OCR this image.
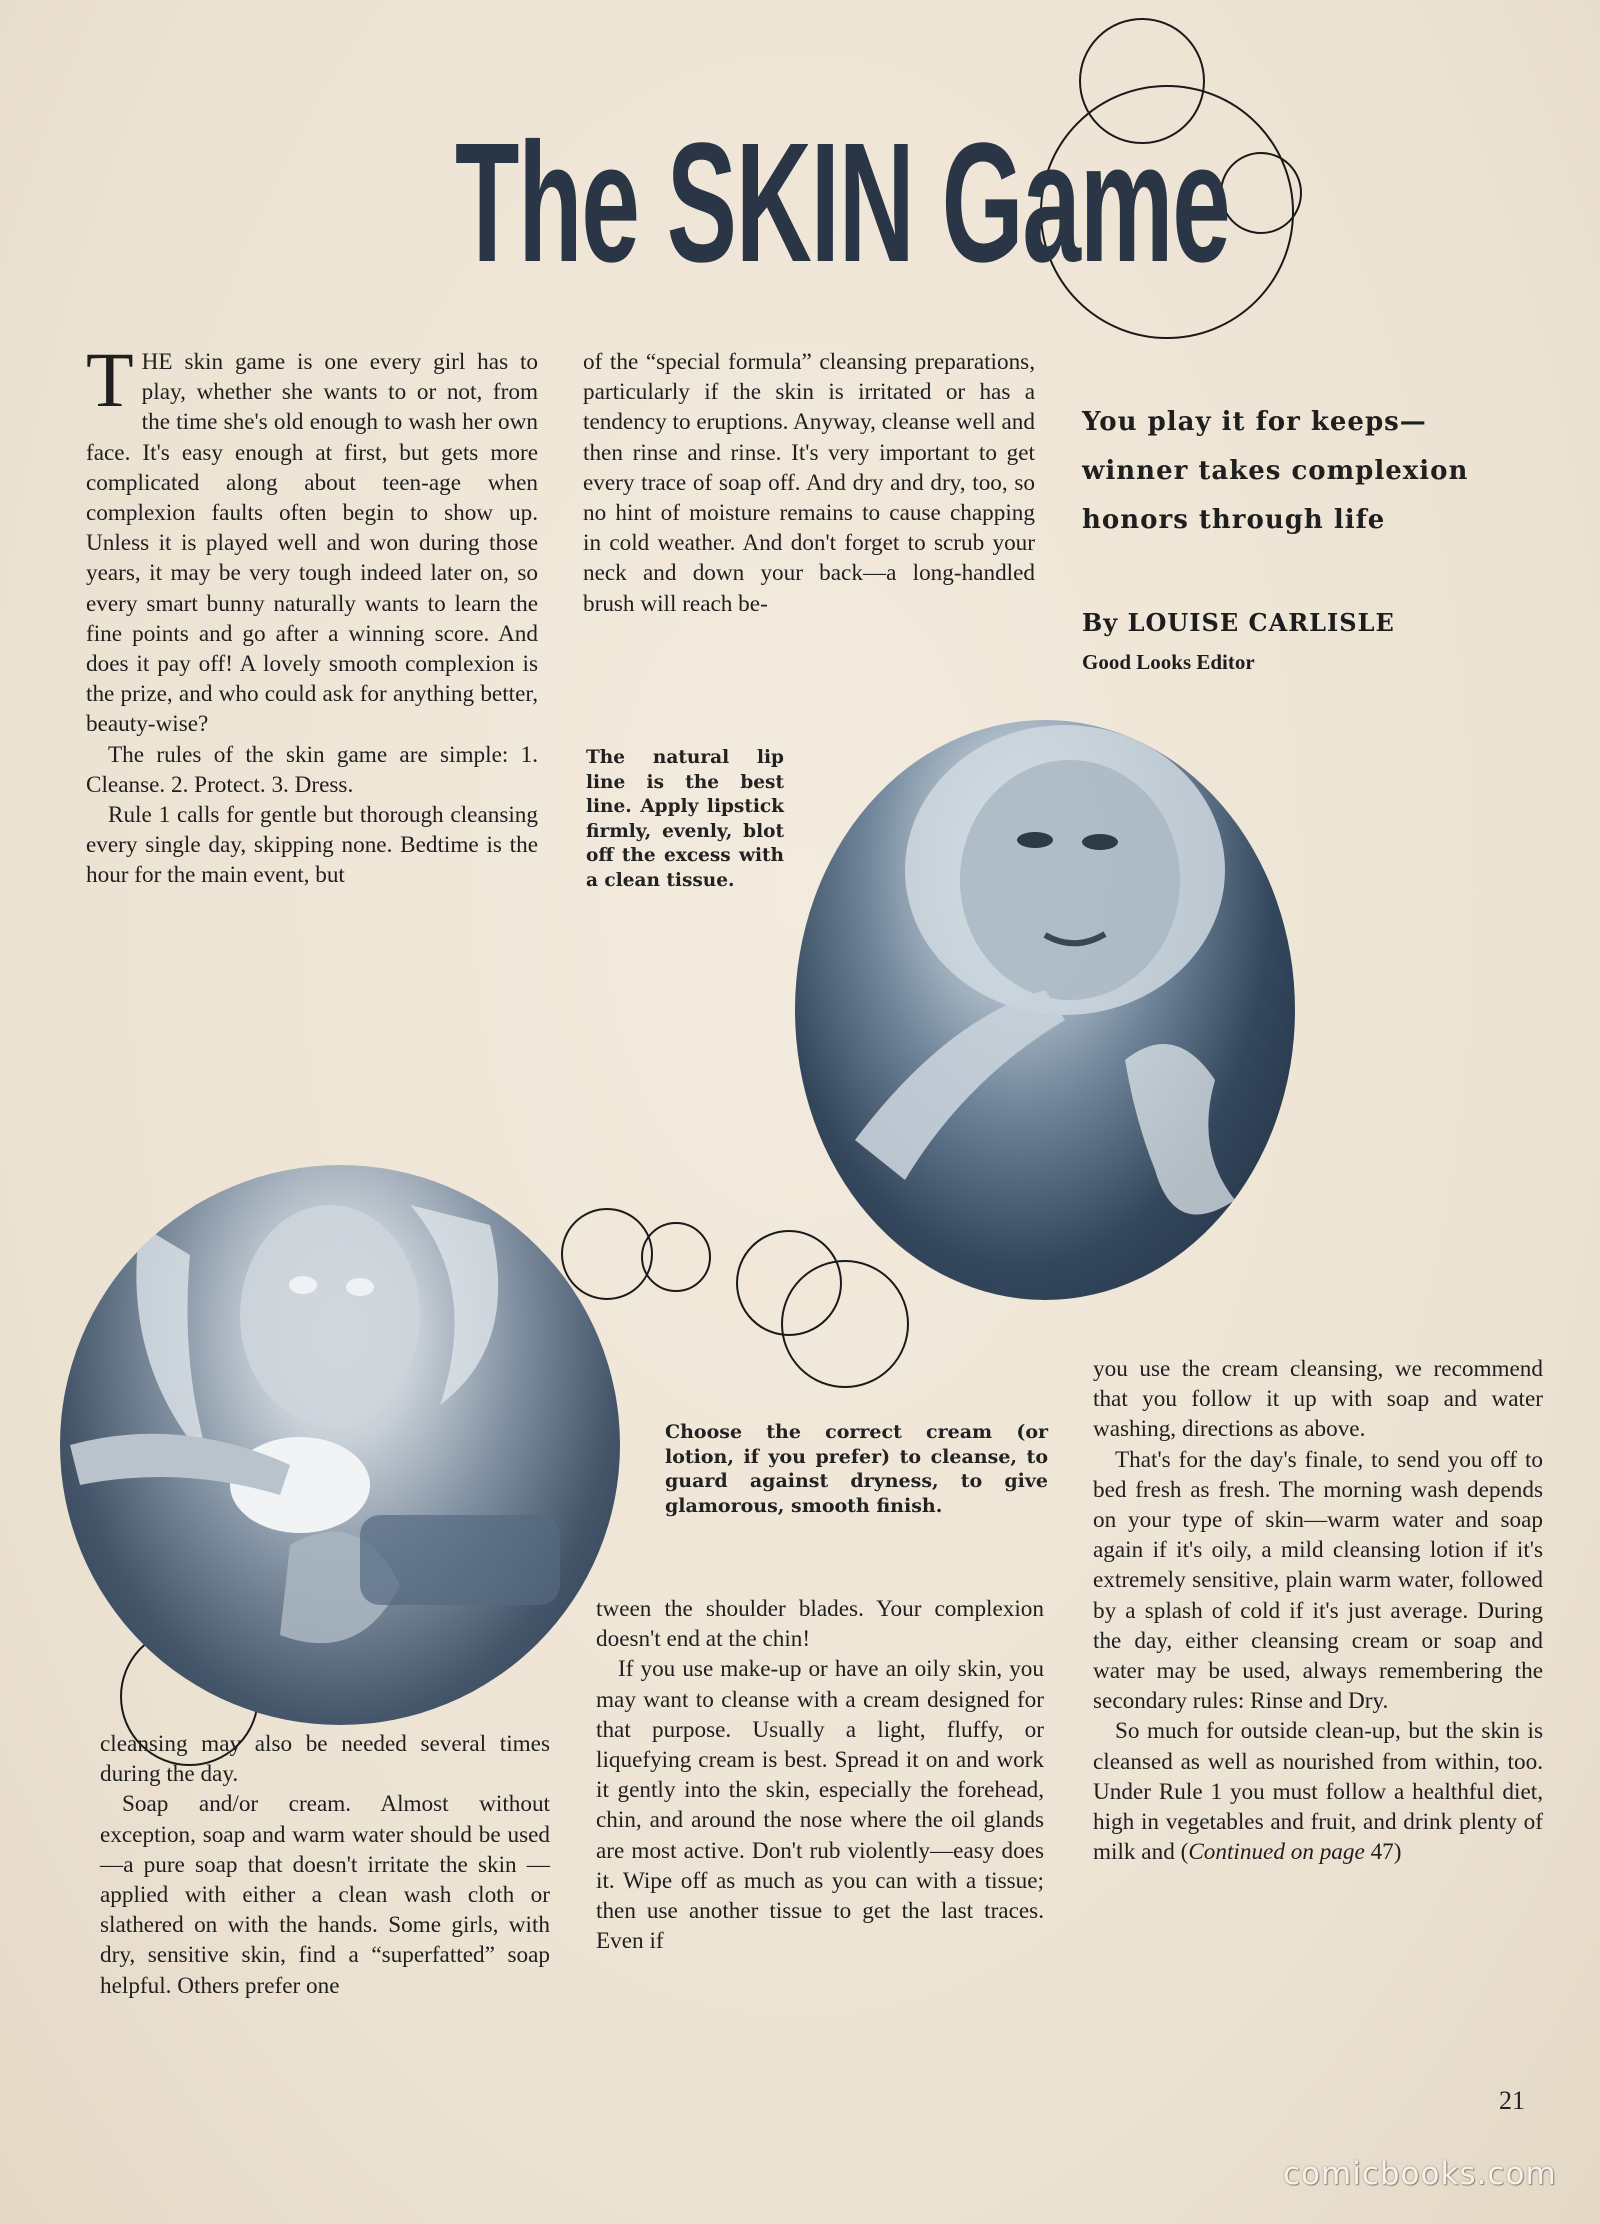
The SKIN Game

THE skin game is one every girl has to play, whether she wants to or not, from the time she's old enough to wash her own face. It's easy enough at first, but gets more complicated along about teen-age when complexion faults often begin to show up. Unless it is played well and won during those years, it may be very tough indeed later on, so every smart bunny naturally wants to learn the fine points and go after a winning score. And does it pay off! A lovely smooth complexion is the prize, and who could ask for anything better, beauty-wise?

The rules of the skin game are simple: 1. Cleanse. 2. Protect. 3. Dress.

Rule 1 calls for gentle but thorough cleansing every single day, skipping none. Bedtime is the hour for the main event, but

of the “special formula” cleansing preparations, particularly if the skin is irritated or has a tendency to eruptions. Anyway, cleanse well and then rinse and rinse. It's very important to get every trace of soap off. And dry and dry, too, so no hint of moisture remains to cause chapping in cold weather. And don't forget to scrub your neck and down your back—a long-handled brush will reach be-

You play it for keeps—winner takes complexion honors through life
By LOUISE CARLISLE
Good Looks Editor
The natural lip line is the best line. Apply lipstick firmly, evenly, blot off the excess with a clean tissue.
Choose the correct cream (or lotion, if you prefer) to cleanse, to guard against dryness, to give glamorous, smooth finish.

cleansing may also be needed several times during the day.

Soap and/or cream. Almost without exception, soap and warm water should be used—a pure soap that doesn't irritate the skin —applied with either a clean wash cloth or slathered on with the hands. Some girls, with dry, sensitive skin, find a “superfatted” soap helpful. Others prefer one

tween the shoulder blades. Your complexion doesn't end at the chin!

If you use make-up or have an oily skin, you may want to cleanse with a cream designed for that purpose. Usually a light, fluffy, or liquefying cream is best. Spread it on and work it gently into the skin, especially the forehead, chin, and around the nose where the oil glands are most active. Don't rub violently—easy does it. Wipe off as much as you can with a tissue; then use another tissue to get the last traces. Even if

you use the cream cleansing, we recommend that you follow it up with soap and water washing, directions as above.

That's for the day's finale, to send you off to bed fresh as fresh. The morning wash depends on your type of skin—warm water and soap again if it's oily, a mild cleansing lotion if it's extremely sensitive, plain warm water, followed by a splash of cold if it's just average. During the day, either cleansing cream or soap and water may be used, always remembering the secondary rules: Rinse and Dry.

So much for outside clean-up, but the skin is cleansed as well as nourished from within, too. Under Rule 1 you must follow a healthful diet, high in vegetables and fruit, and drink plenty of milk and (Continued on page 47)

21
comicbooks.com
